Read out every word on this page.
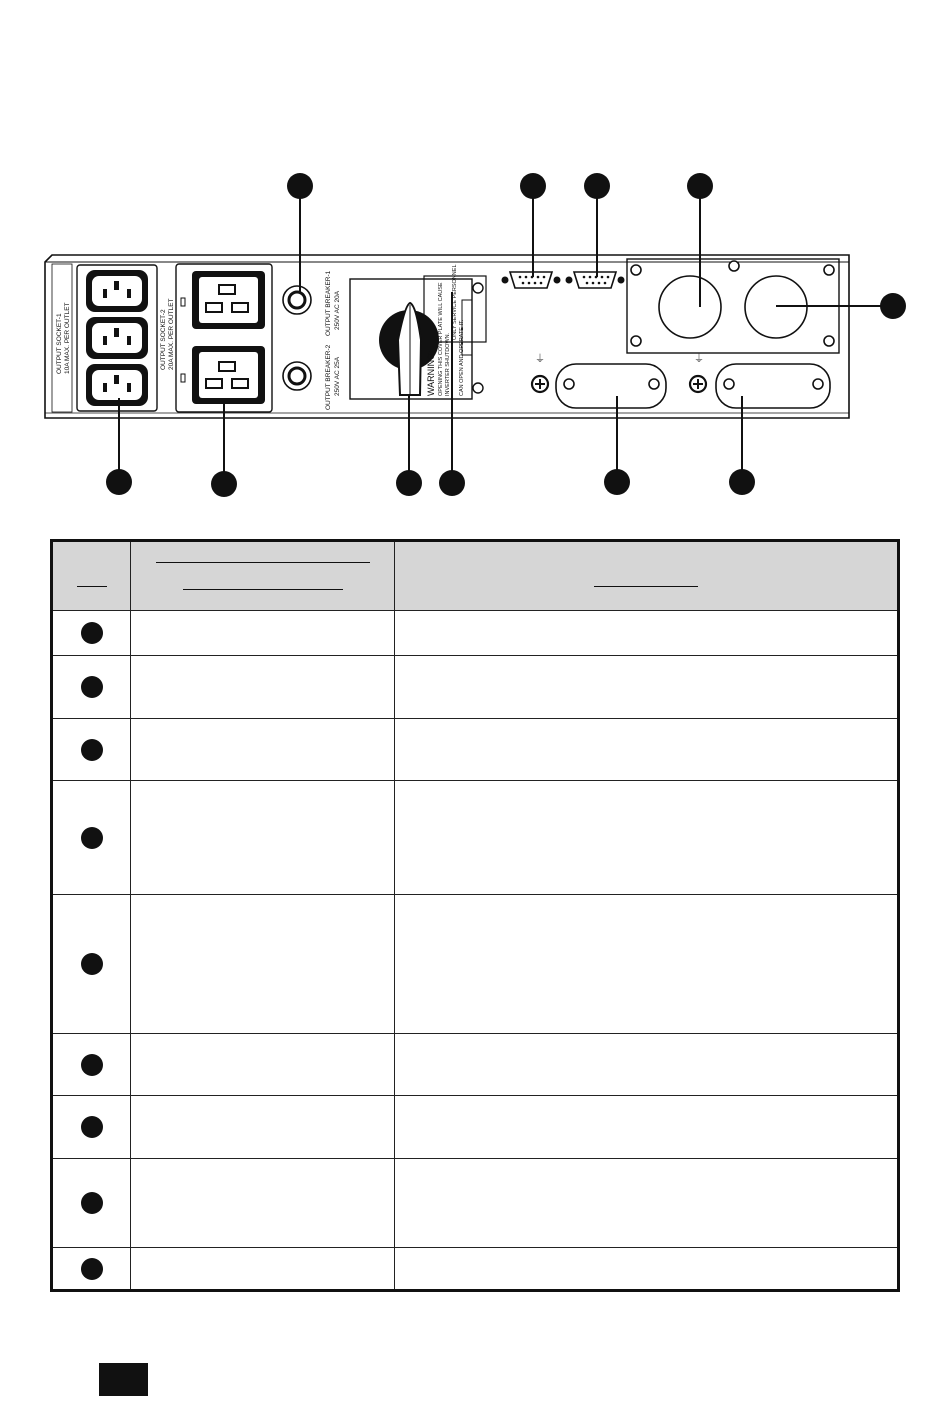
OUTPUT SOCKET-1 10A MAX. PER OUTLET	OUTPUT SOCKET-2 20A MAX. PER OUTLET	OUTPUT BREAKER-1 250V AC 20A
OUTPUT BREAKER-2 250V AC 25A	WARNING: OPENING THIS COVER PLATE WILL CAUSE INVERTER SHUTDOWN.
ONLY SERVICE PERSONNEL
CAN OPEN AND OPERATE IT.	⏚	⏚
